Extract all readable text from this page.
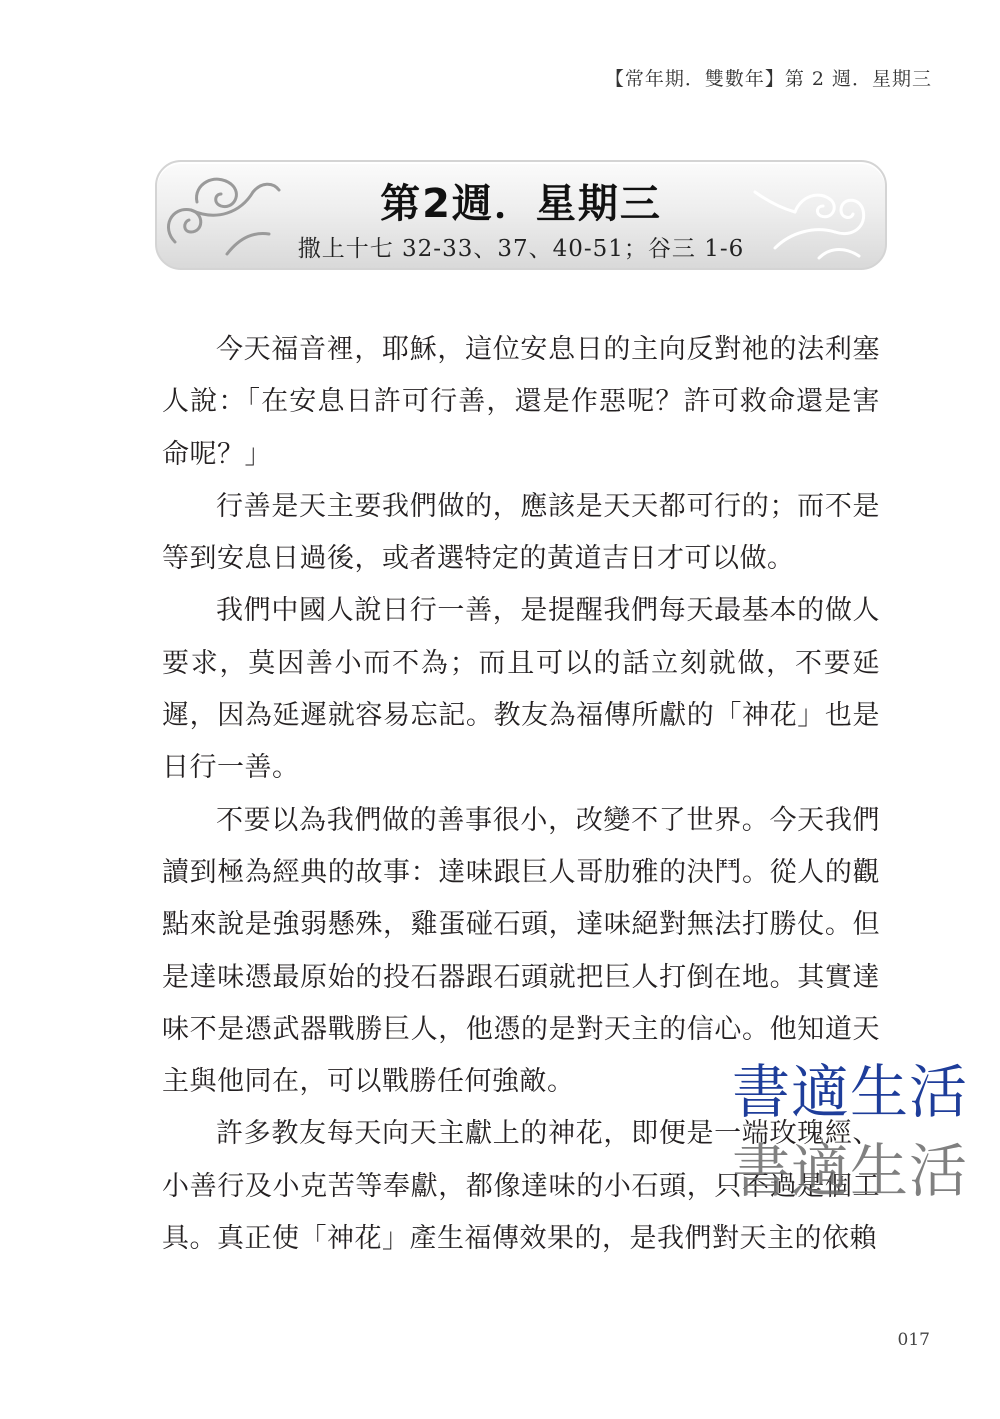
【常年期．雙數年】第 2 週．星期三
第2週．星期三
撒上十七 32-33、37、40-51；谷三 1-6

今天福音裡，耶穌，這位安息日的主向反對祂的法利塞人說：「在安息日許可行善，還是作惡呢？許可救命還是害命呢？」

行善是天主要我們做的，應該是天天都可行的；而不是等到安息日過後，或者選特定的黃道吉日才可以做。

我們中國人說日行一善，是提醒我們每天最基本的做人要求，莫因善小而不為；而且可以的話立刻就做，不要延遲，因為延遲就容易忘記。教友為福傳所獻的「神花」也是日行一善。

不要以為我們做的善事很小，改變不了世界。今天我們讀到極為經典的故事：達味跟巨人哥肋雅的決鬥。從人的觀點來說是強弱懸殊，雞蛋碰石頭，達味絕對無法打勝仗。但是達味憑最原始的投石器跟石頭就把巨人打倒在地。其實達味不是憑武器戰勝巨人，他憑的是對天主的信心。他知道天主與他同在，可以戰勝任何強敵。

許多教友每天向天主獻上的神花，即便是一端玫瑰經、小善行及小克苦等奉獻，都像達味的小石頭，只不過是個工具。真正使「神花」產生福傳效果的，是我們對天主的依賴

書適生活
書適生活
017
